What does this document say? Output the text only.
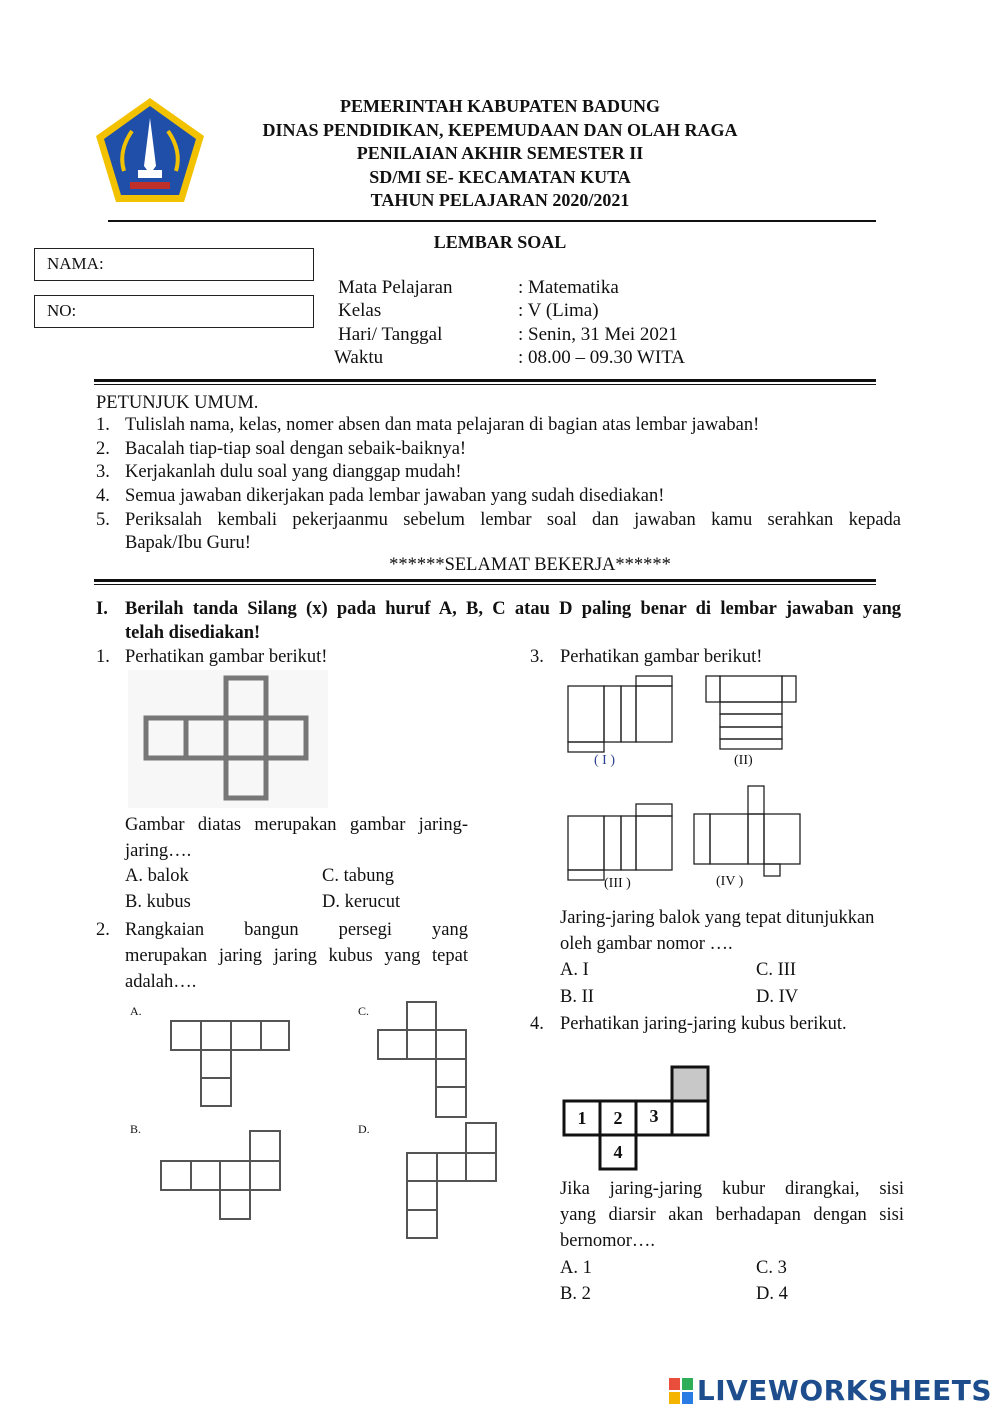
PEMERINTAH KABUPATEN BADUNG
DINAS PENDIDIKAN, KEPEMUDAAN DAN OLAH RAGA
PENILAIAN AKHIR SEMESTER II
SD/MI SE- KECAMATAN KUTA
TAHUN PELAJARAN 2020/2021
LEMBAR SOAL
NAMA:
NO:
Mata Pelajaran	: Matematika
Kelas	: V (Lima)
Hari/ Tanggal	: Senin, 31 Mei 2021
Waktu	: 08.00 – 09.30 WITA
PETUNJUK UMUM.
1. Tulislah nama, kelas, nomer absen dan mata pelajaran di bagian atas lembar jawaban!
2. Bacalah tiap-tiap soal dengan sebaik-baiknya!
3. Kerjakanlah dulu soal yang dianggap mudah!
4. Semua jawaban dikerjakan pada lembar jawaban yang sudah disediakan!
5. Periksalah kembali pekerjaanmu sebelum lembar soal dan jawaban kamu serahkan kepada
Bapak/Ibu Guru!
******SELAMAT BEKERJA******
I. Berilah tanda Silang (x) pada huruf A, B, C atau D paling benar di lembar jawaban yang
telah disediakan!
1. Perhatikan gambar berikut!
Gambar diatas merupakan gambar jaring-
jaring….
A. balok	C. tabung
B. kubus	D. kerucut
2. Rangkaian bangun persegi yang
merupakan jaring jaring kubus yang tepat
adalah….
A.	C.
B.	D.
3. Perhatikan gambar berikut!
( I )	(II)
(III )	(IV )
Jaring-jaring balok yang tepat ditunjukkan
oleh gambar nomor ….
A. I	C. III
B. II	D. IV
4. Perhatikan jaring-jaring kubus berikut.
1 2 3
4
Jika jaring-jaring kubur dirangkai, sisi
yang diarsir akan berhadapan dengan sisi
bernomor….
A. 1	C. 3
B. 2	D. 4
LIVEWORKSHEETS
